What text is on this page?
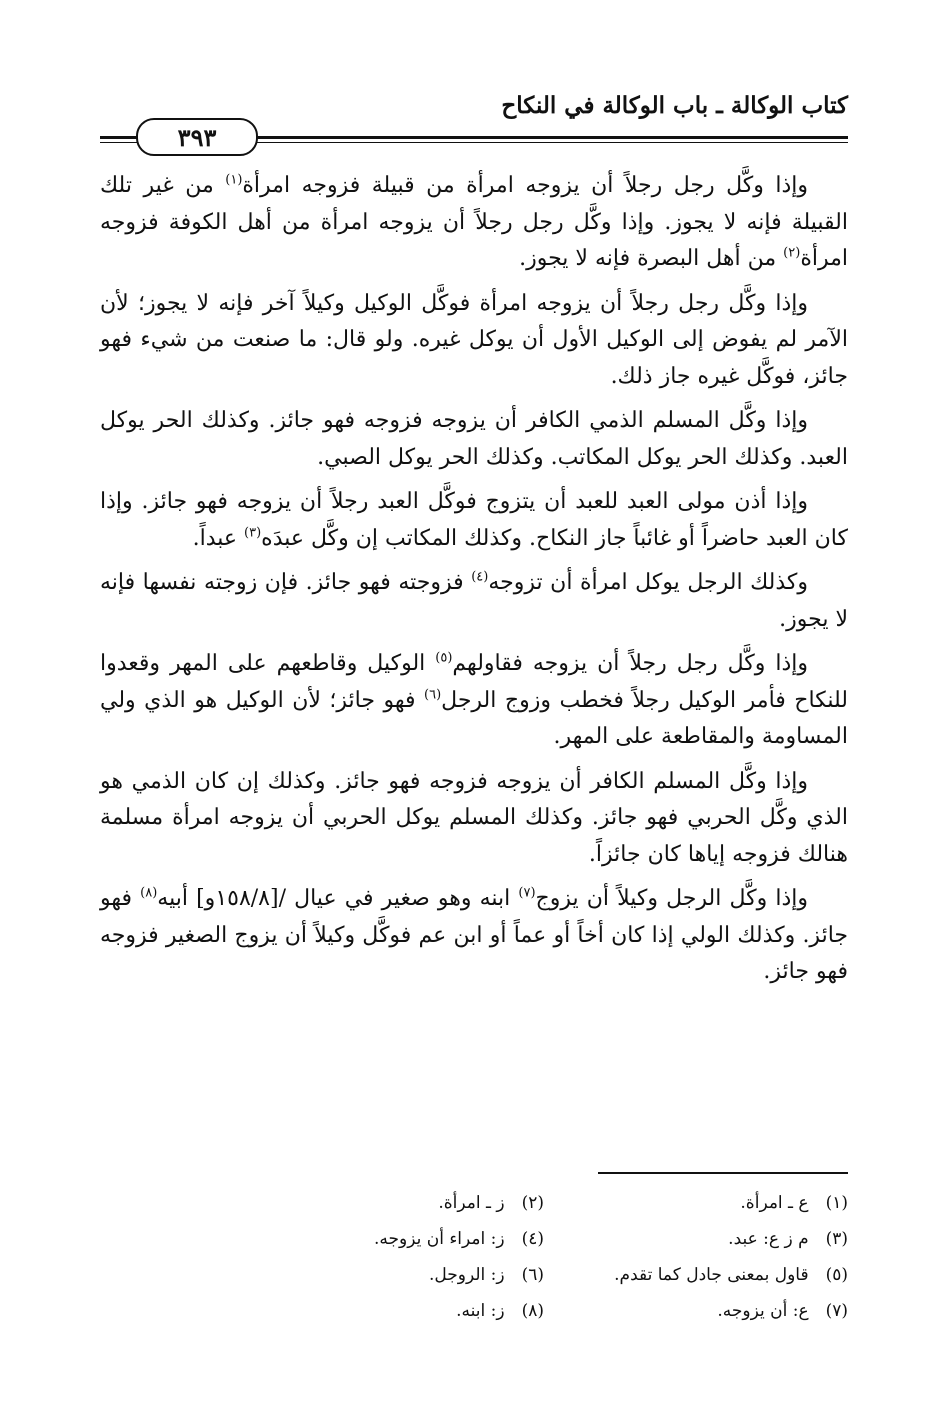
كتاب الوكالة ـ باب الوكالة في النكاح
٣٩٣

وإذا وكَّل رجل رجلاً أن يزوجه امرأة من قبيلة فزوجه امرأة$^{(١)}$ من غير تلك القبيلة فإنه لا يجوز. وإذا وكَّل رجل رجلاً أن يزوجه امرأة من أهل الكوفة فزوجه امرأة$^{(٢)}$ من أهل البصرة فإنه لا يجوز.

وإذا وكَّل رجل رجلاً أن يزوجه امرأة فوكَّل الوكيل وكيلاً آخر فإنه لا يجوز؛ لأن الآمر لم يفوض إلى الوكيل الأول أن يوكل غيره. ولو قال: ما صنعت من شيء فهو جائز، فوكَّل غيره جاز ذلك.

وإذا وكَّل المسلم الذمي الكافر أن يزوجه فزوجه فهو جائز. وكذلك الحر يوكل العبد. وكذلك الحر يوكل المكاتب. وكذلك الحر يوكل الصبي.

وإذا أذن مولى العبد للعبد أن يتزوج فوكَّل العبد رجلاً أن يزوجه فهو جائز. وإذا كان العبد حاضراً أو غائباً جاز النكاح. وكذلك المكاتب إن وكَّل عبدَه$^{(٣)}$ عبداً.

وكذلك الرجل يوكل امرأة أن تزوجه$^{(٤)}$ فزوجته فهو جائز. فإن زوجته نفسها فإنه لا يجوز.

وإذا وكَّل رجل رجلاً أن يزوجه فقاولهم$^{(٥)}$ الوكيل وقاطعهم على المهر وقعدوا للنكاح فأمر الوكيل رجلاً فخطب وزوج الرجل$^{(٦)}$ فهو جائز؛ لأن الوكيل هو الذي ولي المساومة والمقاطعة على المهر.

وإذا وكَّل المسلم الكافر أن يزوجه فزوجه فهو جائز. وكذلك إن كان الذمي هو الذي وكَّل الحربي فهو جائز. وكذلك المسلم يوكل الحربي أن يزوجه امرأة مسلمة هنالك فزوجه إياها كان جائزاً.

وإذا وكَّل الرجل وكيلاً أن يزوج$^{(٧)}$ ابنه وهو صغير في عيال /[١٥٨/٨و] أبيه$^{(٨)}$ فهو جائز. وكذلك الولي إذا كان أخاً أو عماً أو ابن عم فوكَّل وكيلاً أن يزوج الصغير فزوجه فهو جائز.

(١) ع ـ امرأة.
(٢) ز ـ امرأة.
(٣) م ز ع: عبد.
(٤) ز: امراء أن يزوجه.
(٥) قاول بمعنى جادل كما تقدم.
(٦) ز: الروجل.
(٧) ع: أن يزوجه.
(٨) ز: ابنه.
